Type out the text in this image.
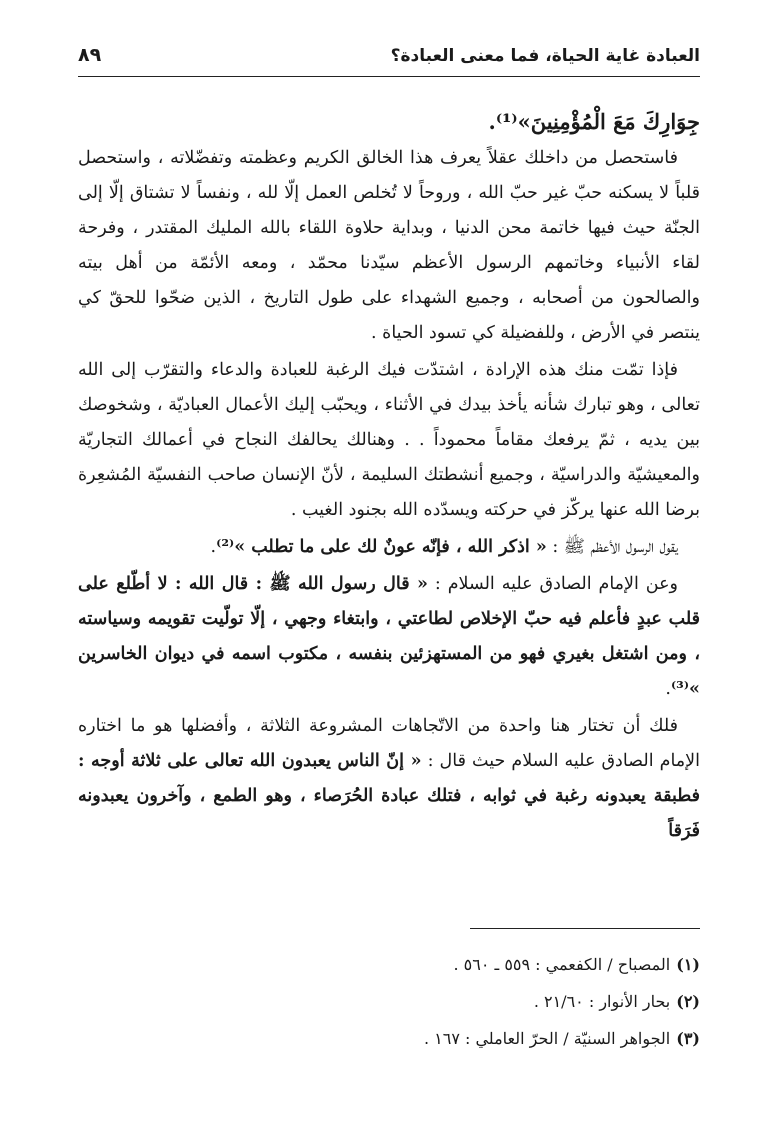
العبادة غاية الحياة، فما معنى العبادة؟
٨٩

جِوَارِكَ مَعَ الْمُؤْمِنِينَ»⁽¹⁾.

فاستحصل من داخلك عقلاً يعرف هذا الخالق الكريم وعظمته وتفضّلاته ، واستحصل قلباً لا يسكنه حبّ غير حبّ الله ، وروحاً لا تُخلص العمل إلّا لله ، ونفساً لا تشتاق إلّا إلى الجنّة حيث فيها خاتمة محن الدنيا ، وبداية حلاوة اللقاء بالله المليك المقتدر ، وفرحة لقاء الأنبياء وخاتمهم الرسول الأعظم سيّدنا محمّد ، ومعه الأئمّة من أهل بيته والصالحون من أصحابه ، وجميع الشهداء على طول التاريخ ، الذين ضحّوا للحقّ كي ينتصر في الأرض ، وللفضيلة كي تسود الحياة .

فإذا تمّت منك هذه الإرادة ، اشتدّت فيك الرغبة للعبادة والدعاء والتقرّب إلى الله تعالى ، وهو تبارك شأنه يأخذ بيدك في الأثناء ، ويحبّب إليك الأعمال العباديّة ، وشخوصك بين يديه ، ثمّ يرفعك مقاماً محموداً . . وهنالك يحالفك النجاح في أعمالك التجاريّة والمعيشيّة والدراسيّة ، وجميع أنشطتك السليمة ، لأنّ الإنسان صاحب النفسيّة المُشعِرة برضا الله عنها يركّز في حركته ويسدّده الله بجنود الغيب .

يقول الرسول الأعظم ﷺ : « اذكر الله ، فإنّه عونٌ لك على ما تطلب »⁽²⁾.

وعن الإمام الصادق عليه السلام : « قال رسول الله ﷺ : قال الله : لا أطّلع على قلب عبدٍ فأعلم فيه حبّ الإخلاص لطاعتي ، وابتغاء وجهي ، إلّا تولّيت تقويمه وسياسته ، ومن اشتغل بغيري فهو من المستهزئين بنفسه ، مكتوب اسمه في ديوان الخاسرين »⁽³⁾.

فلك أن تختار هنا واحدة من الاتّجاهات المشروعة الثلاثة ، وأفضلها هو ما اختاره الإمام الصادق عليه السلام حيث قال : « إنّ الناس يعبدون الله تعالى على ثلاثة أوجه : فطبقة يعبدونه رغبة في ثوابه ، فتلك عبادة الحُرَصاء ، وهو الطمع ، وآخرون يعبدونه فَرَقاً

(١)المصباح / الكفعمي : ٥٥٩ ـ ٥٦٠ .
(٢)بحار الأنوار : ٢١/٦٠ .
(٣)الجواهر السنيّة / الحرّ العاملي : ١٦٧ .
